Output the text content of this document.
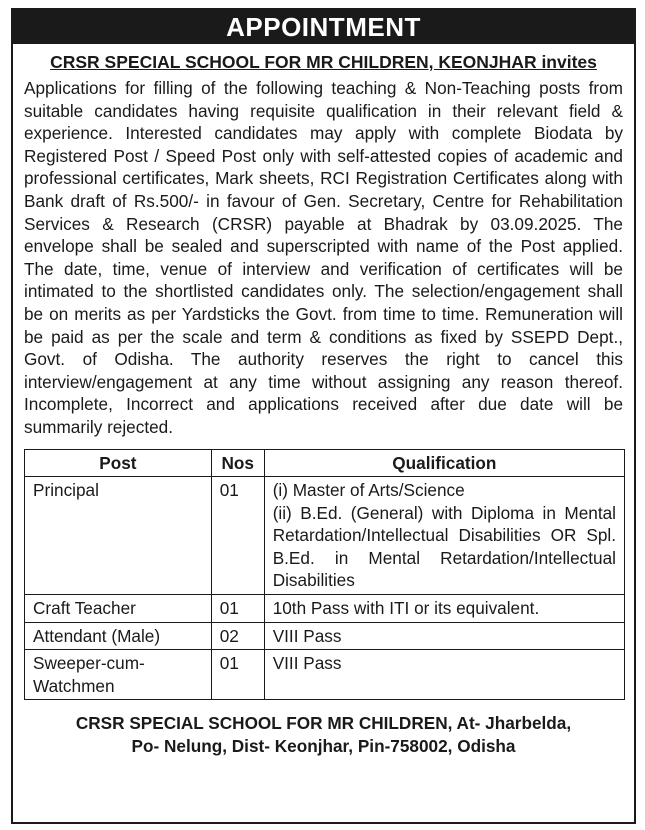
APPOINTMENT
CRSR SPECIAL SCHOOL FOR MR CHILDREN, KEONJHAR invites
Applications for filling of the following teaching & Non-Teaching posts from suitable candidates having requisite qualification in their relevant field & experience. Interested candidates may apply with complete Biodata by Registered Post / Speed Post only with self-attested copies of academic and professional certificates, Mark sheets, RCI Registration Certificates along with Bank draft of Rs.500/- in favour of Gen. Secretary, Centre for Rehabilitation Services & Research (CRSR) payable at Bhadrak by 03.09.2025. The envelope shall be sealed and superscripted with name of the Post applied. The date, time, venue of interview and verification of certificates will be intimated to the shortlisted candidates only. The selection/engagement shall be on merits as per Yardsticks the Govt. from time to time. Remuneration will be paid as per the scale and term & conditions as fixed by SSEPD Dept., Govt. of Odisha. The authority reserves the right to cancel this interview/engagement at any time without assigning any reason thereof. Incomplete, Incorrect and applications received after due date will be summarily rejected.
Post	Nos	Qualification
Principal	01	(i) Master of Arts/Science
(ii) B.Ed. (General) with Diploma in Mental Retardation/Intellectual Disabilities OR Spl. B.Ed. in Mental Retardation/Intellectual Disabilities

Craft Teacher	01	10th Pass with ITI or its equivalent.
Attendant (Male)	02	VIII Pass
Sweeper-cum-Watchmen	01	VIII Pass
CRSR SPECIAL SCHOOL FOR MR CHILDREN, At- Jharbelda,
Po- Nelung, Dist- Keonjhar, Pin-758002, Odisha
